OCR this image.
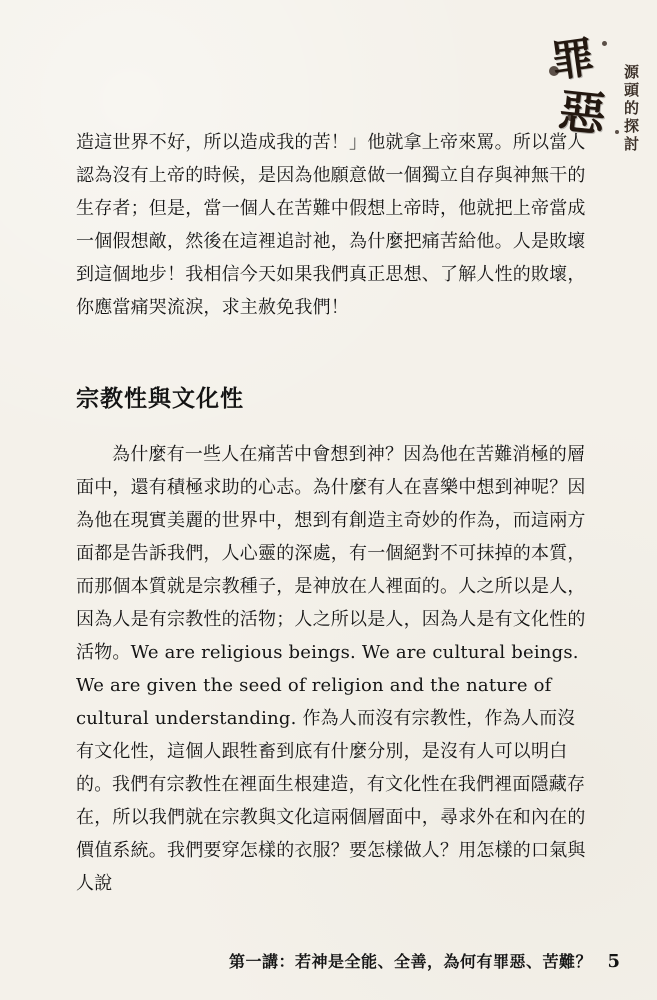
罪
惡
源
頭
的
探
討
造這世界不好，所以造成我的苦！」他就拿上帝來罵。所以當人認為沒有上帝的時候，是因為他願意做一個獨立自存與神無干的生存者；但是，當一個人在苦難中假想上帝時，他就把上帝當成一個假想敵，然後在這裡追討祂，為什麼把痛苦給他。人是敗壞到這個地步！我相信今天如果我們真正思想、了解人性的敗壞，你應當痛哭流淚，求主赦免我們！
宗教性與文化性
為什麼有一些人在痛苦中會想到神？因為他在苦難消極的層面中，還有積極求助的心志。為什麼有人在喜樂中想到神呢？因為他在現實美麗的世界中，想到有創造主奇妙的作為，而這兩方面都是告訴我們，人心靈的深處，有一個絕對不可抹掉的本質，而那個本質就是宗教種子，是神放在人裡面的。人之所以是人，因為人是有宗教性的活物；人之所以是人，因為人是有文化性的活物。We are religious beings. We are cultural beings. We are given the seed of religion and the nature of cultural understanding. 作為人而沒有宗教性，作為人而沒有文化性，這個人跟牲畜到底有什麼分別，是沒有人可以明白的。 我們有宗教性在裡面生根建造，有文化性在我們裡面隱藏存在，所以我們就在宗教與文化這兩個層面中，尋求外在和內在的價值系統。我們要穿怎樣的衣服？要怎樣做人？用怎樣的口氣與人說
第一講：若神是全能、全善，為何有罪惡、苦難？ 5
